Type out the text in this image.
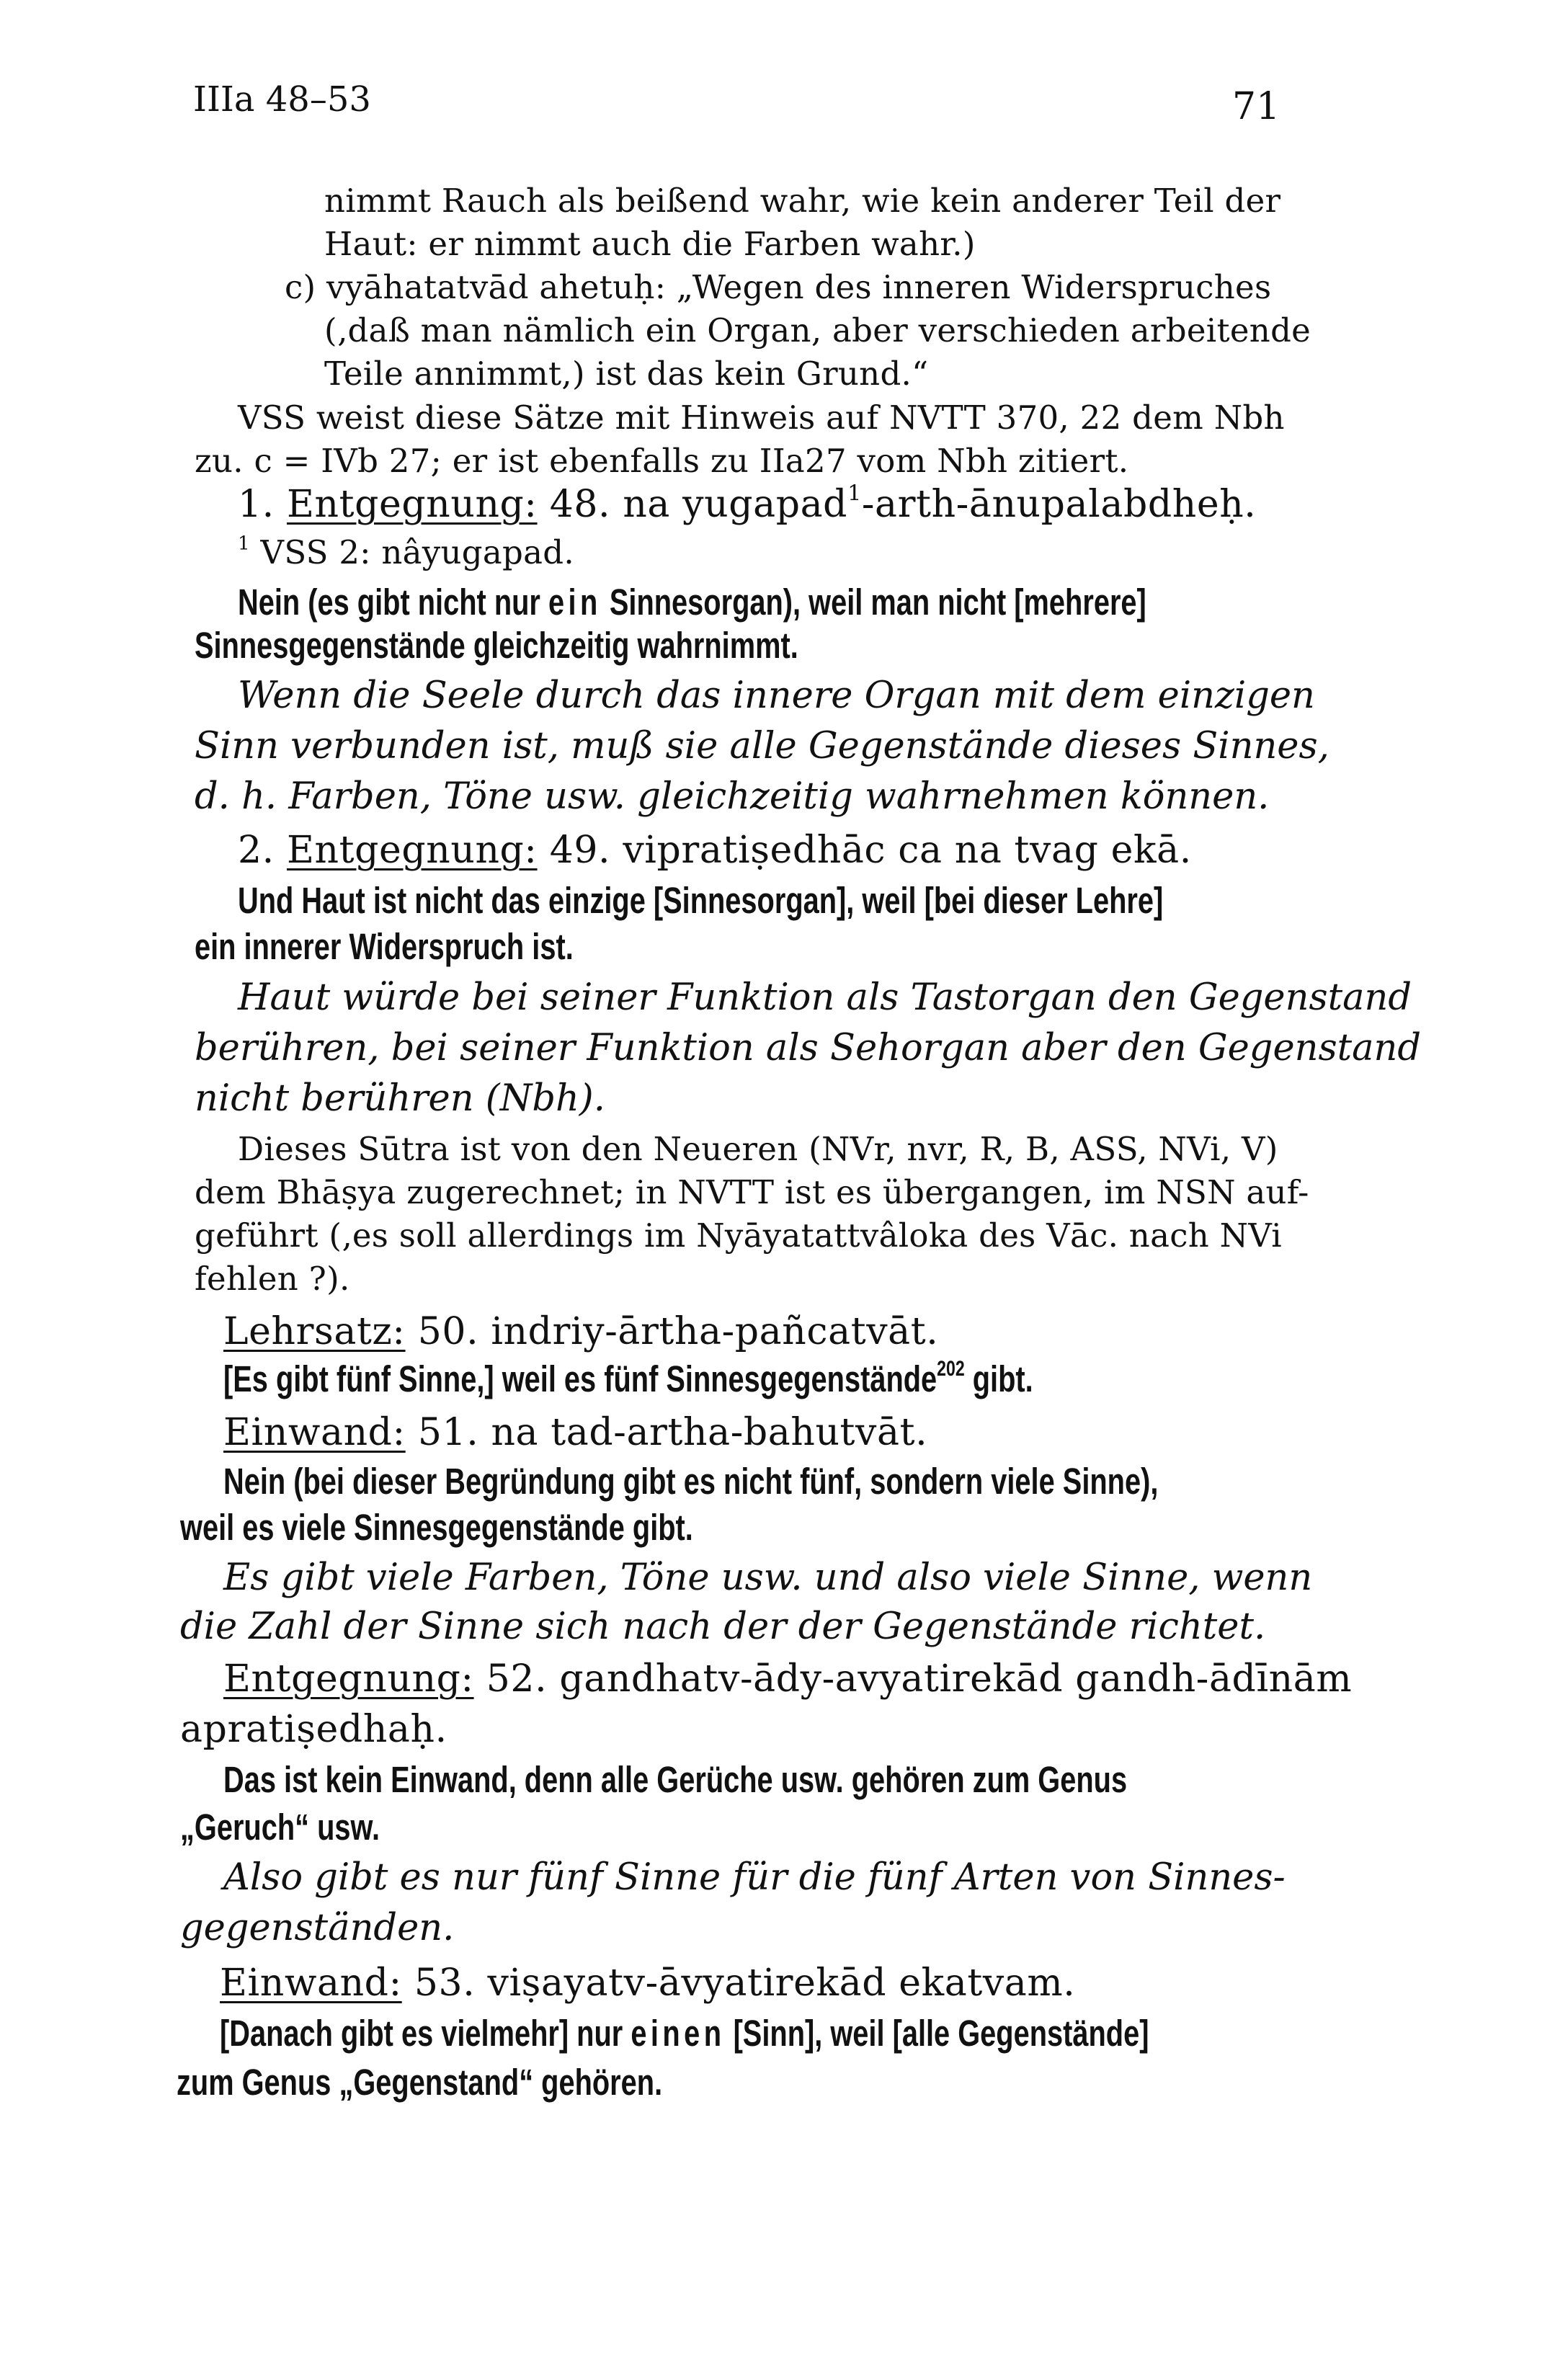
IIIa 48–53	71
nimmt Rauch als beißend wahr, wie kein anderer Teil der
Haut: er nimmt auch die Farben wahr.)
c) vyāhatatvād ahetuḥ: „Wegen des inneren Widerspruches
(‚daß man nämlich ein Organ, aber verschieden arbeitende
Teile annimmt,) ist das kein Grund.“
VSS weist diese Sätze mit Hinweis auf NVTT 370, 22 dem Nbh
zu. c = IVb 27; er ist ebenfalls zu IIa27 vom Nbh zitiert.
1. Entgegnung: 48. na yugapad$^1$-arth-ānupalabdheḥ.
$^1$ VSS 2: nâyugapad.
Nein (es gibt nicht nur ein Sinnesorgan), weil man nicht [mehrere]
Sinnesgegenstände gleichzeitig wahrnimmt.
Wenn die Seele durch das innere Organ mit dem einzigen
Sinn verbunden ist, muß sie alle Gegenstände dieses Sinnes,
d. h. Farben, Töne usw. gleichzeitig wahrnehmen können.
2. Entgegnung: 49. vipratiṣedhāc ca na tvag ekā.
Und Haut ist nicht das einzige [Sinnesorgan], weil [bei dieser Lehre]
ein innerer Widerspruch ist.
Haut würde bei seiner Funktion als Tastorgan den Gegenstand
berühren, bei seiner Funktion als Sehorgan aber den Gegenstand
nicht berühren (Nbh).
Dieses Sūtra ist von den Neueren (NVr, nvr, R, B, ASS, NVi, V)
dem Bhāṣya zugerechnet; in NVTT ist es übergangen, im NSN auf-
geführt (‚es soll allerdings im Nyāyatattvâloka des Vāc. nach NVi
fehlen ?).
Lehrsatz: 50. indriy-ārtha-pañcatvāt.
[Es gibt fünf Sinne,] weil es fünf Sinnesgegenstände$^{202}$ gibt.
Einwand: 51. na tad-artha-bahutvāt.
Nein (bei dieser Begründung gibt es nicht fünf, sondern viele Sinne),
weil es viele Sinnesgegenstände gibt.
Es gibt viele Farben, Töne usw. und also viele Sinne, wenn
die Zahl der Sinne sich nach der der Gegenstände richtet.
Entgegnung: 52. gandhatv-ādy-avyatirekād gandh-ādīnām
apratiṣedhaḥ.
Das ist kein Einwand, denn alle Gerüche usw. gehören zum Genus
„Geruch“ usw.
Also gibt es nur fünf Sinne für die fünf Arten von Sinnes-
gegenständen.
Einwand: 53. viṣayatv-āvyatirekād ekatvam.
[Danach gibt es vielmehr] nur einen [Sinn], weil [alle Gegenstände]
zum Genus „Gegenstand“ gehören.
